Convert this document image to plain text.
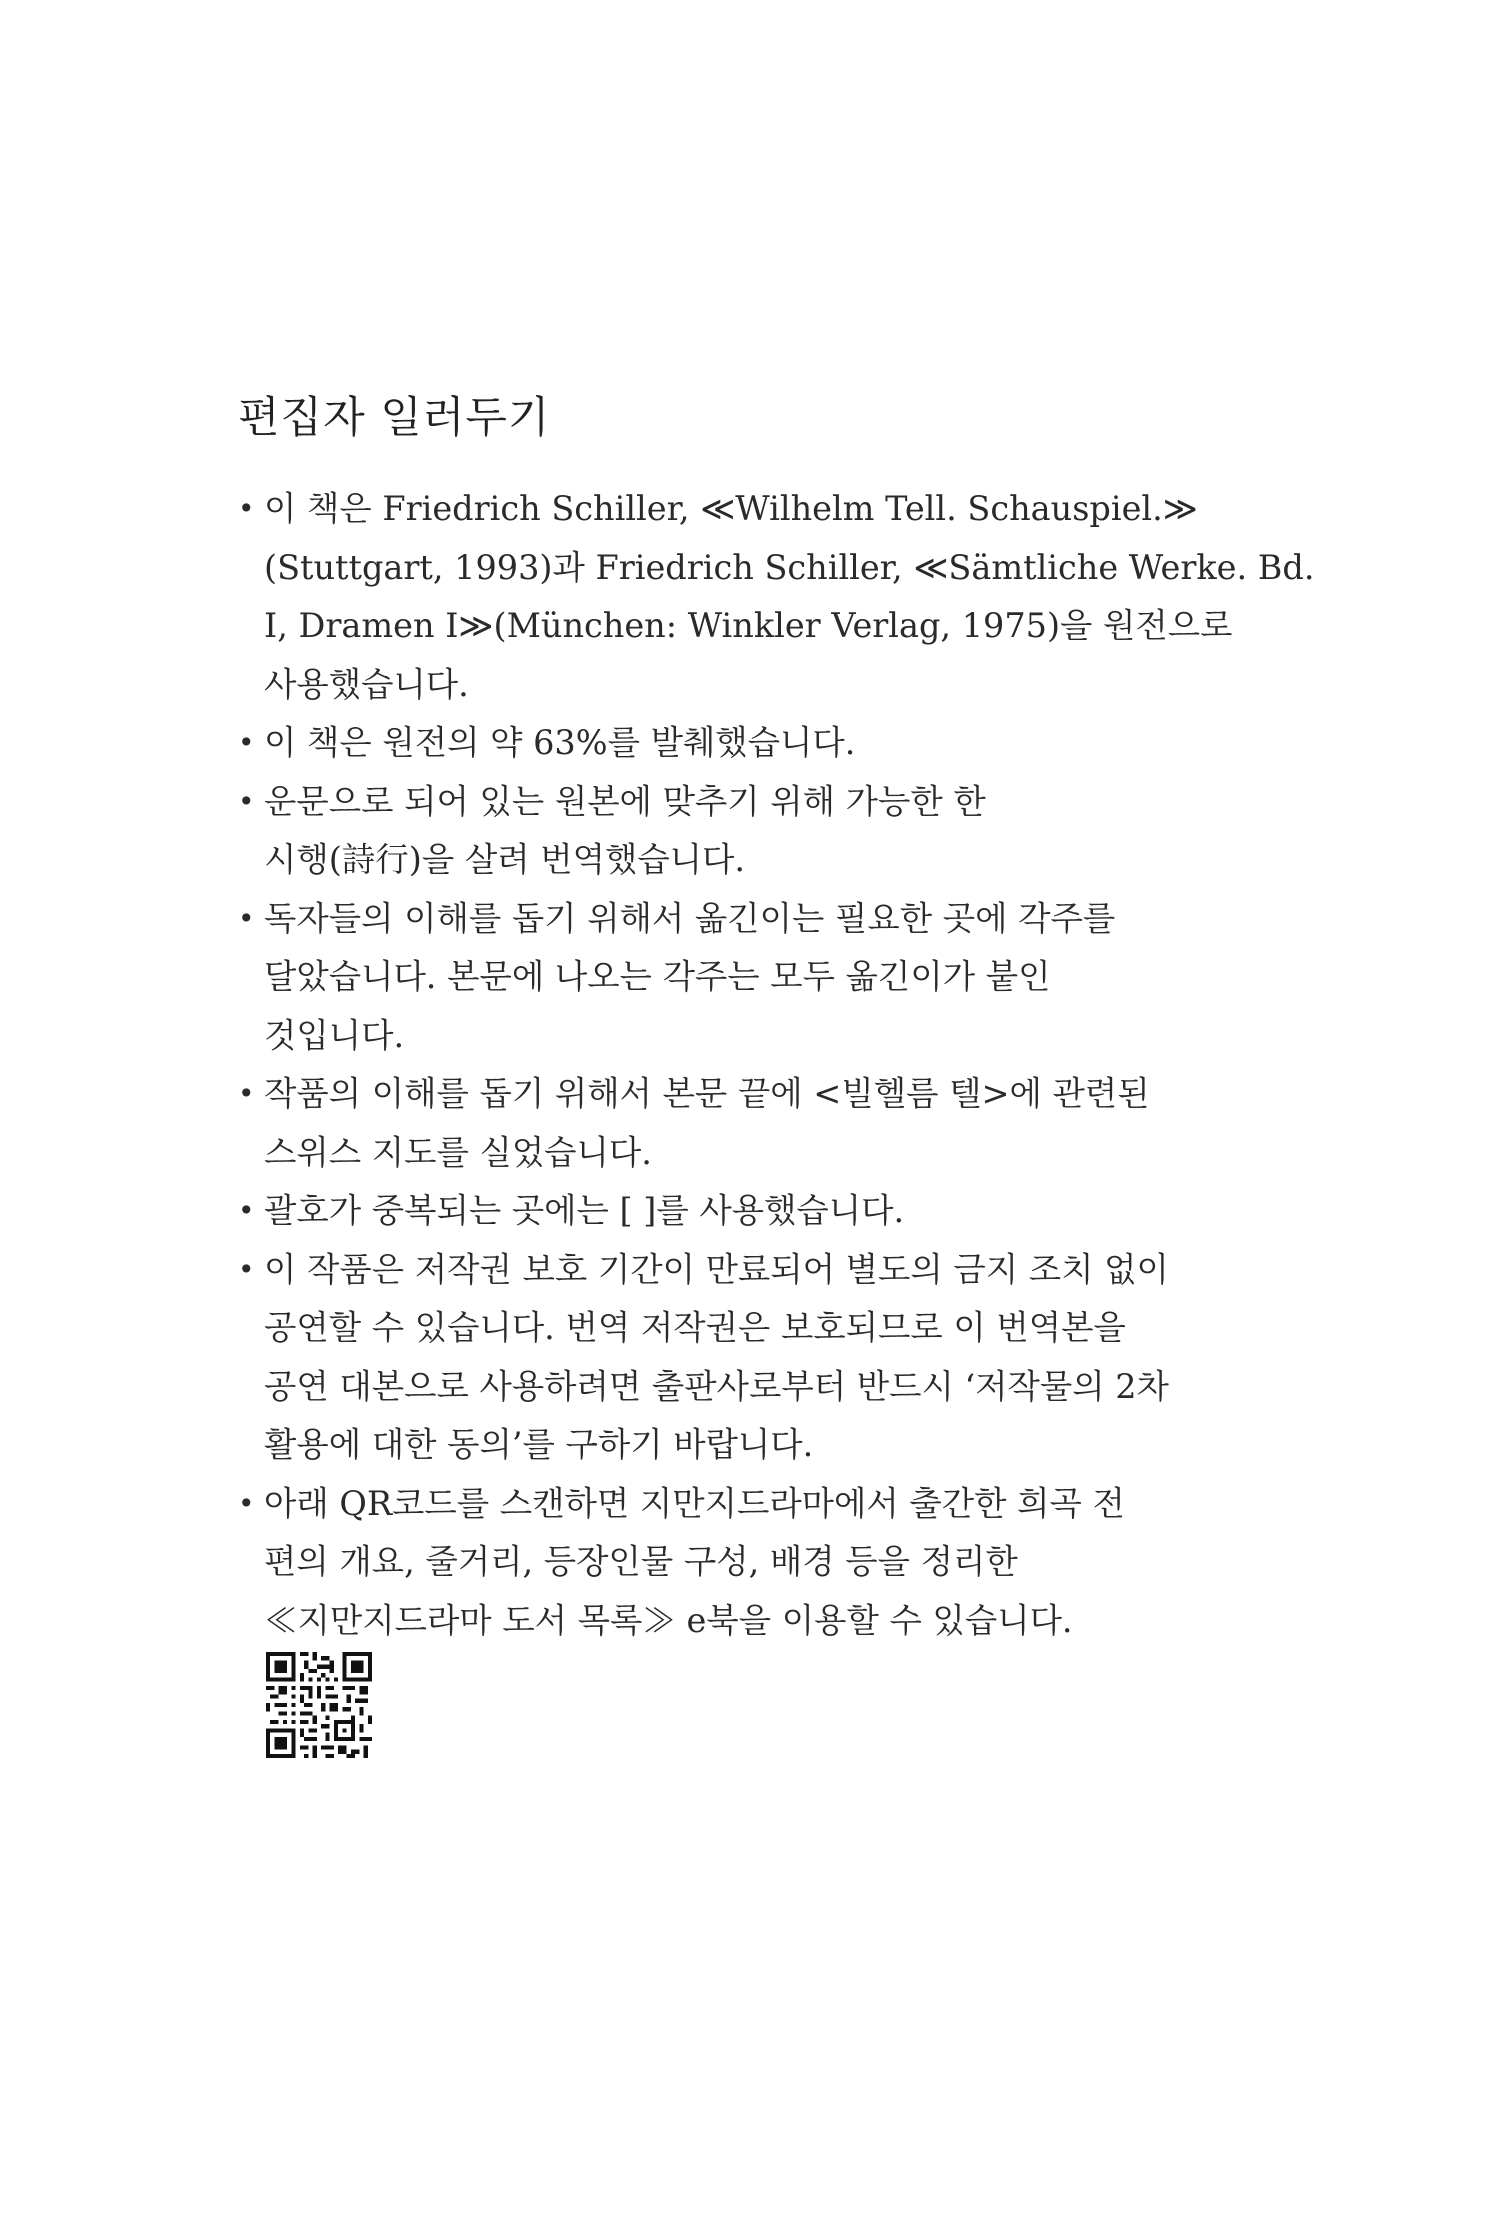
편집자 일러두기
• 이 책은 Friedrich Schiller, ≪Wilhelm Tell. Schauspiel.≫
(Stuttgart, 1993)과 Friedrich Schiller, ≪Sämtliche Werke. Bd.
I, Dramen I≫(München: Winkler Verlag, 1975)을 원전으로
사용했습니다.
• 이 책은 원전의 약 63%를 발췌했습니다.
• 운문으로 되어 있는 원본에 맞추기 위해 가능한 한
시행(詩行)을 살려 번역했습니다.
• 독자들의 이해를 돕기 위해서 옮긴이는 필요한 곳에 각주를
달았습니다. 본문에 나오는 각주는 모두 옮긴이가 붙인
것입니다.
• 작품의 이해를 돕기 위해서 본문 끝에 <빌헬름 텔>에 관련된
스위스 지도를 실었습니다.
• 괄호가 중복되는 곳에는 [ ]를 사용했습니다.
• 이 작품은 저작권 보호 기간이 만료되어 별도의 금지 조치 없이
공연할 수 있습니다. 번역 저작권은 보호되므로 이 번역본을
공연 대본으로 사용하려면 출판사로부터 반드시 ‘저작물의 2차
활용에 대한 동의’를 구하기 바랍니다.
• 아래 QR코드를 스캔하면 지만지드라마에서 출간한 희곡 전
편의 개요, 줄거리, 등장인물 구성, 배경 등을 정리한
≪지만지드라마 도서 목록≫ e북을 이용할 수 있습니다.
